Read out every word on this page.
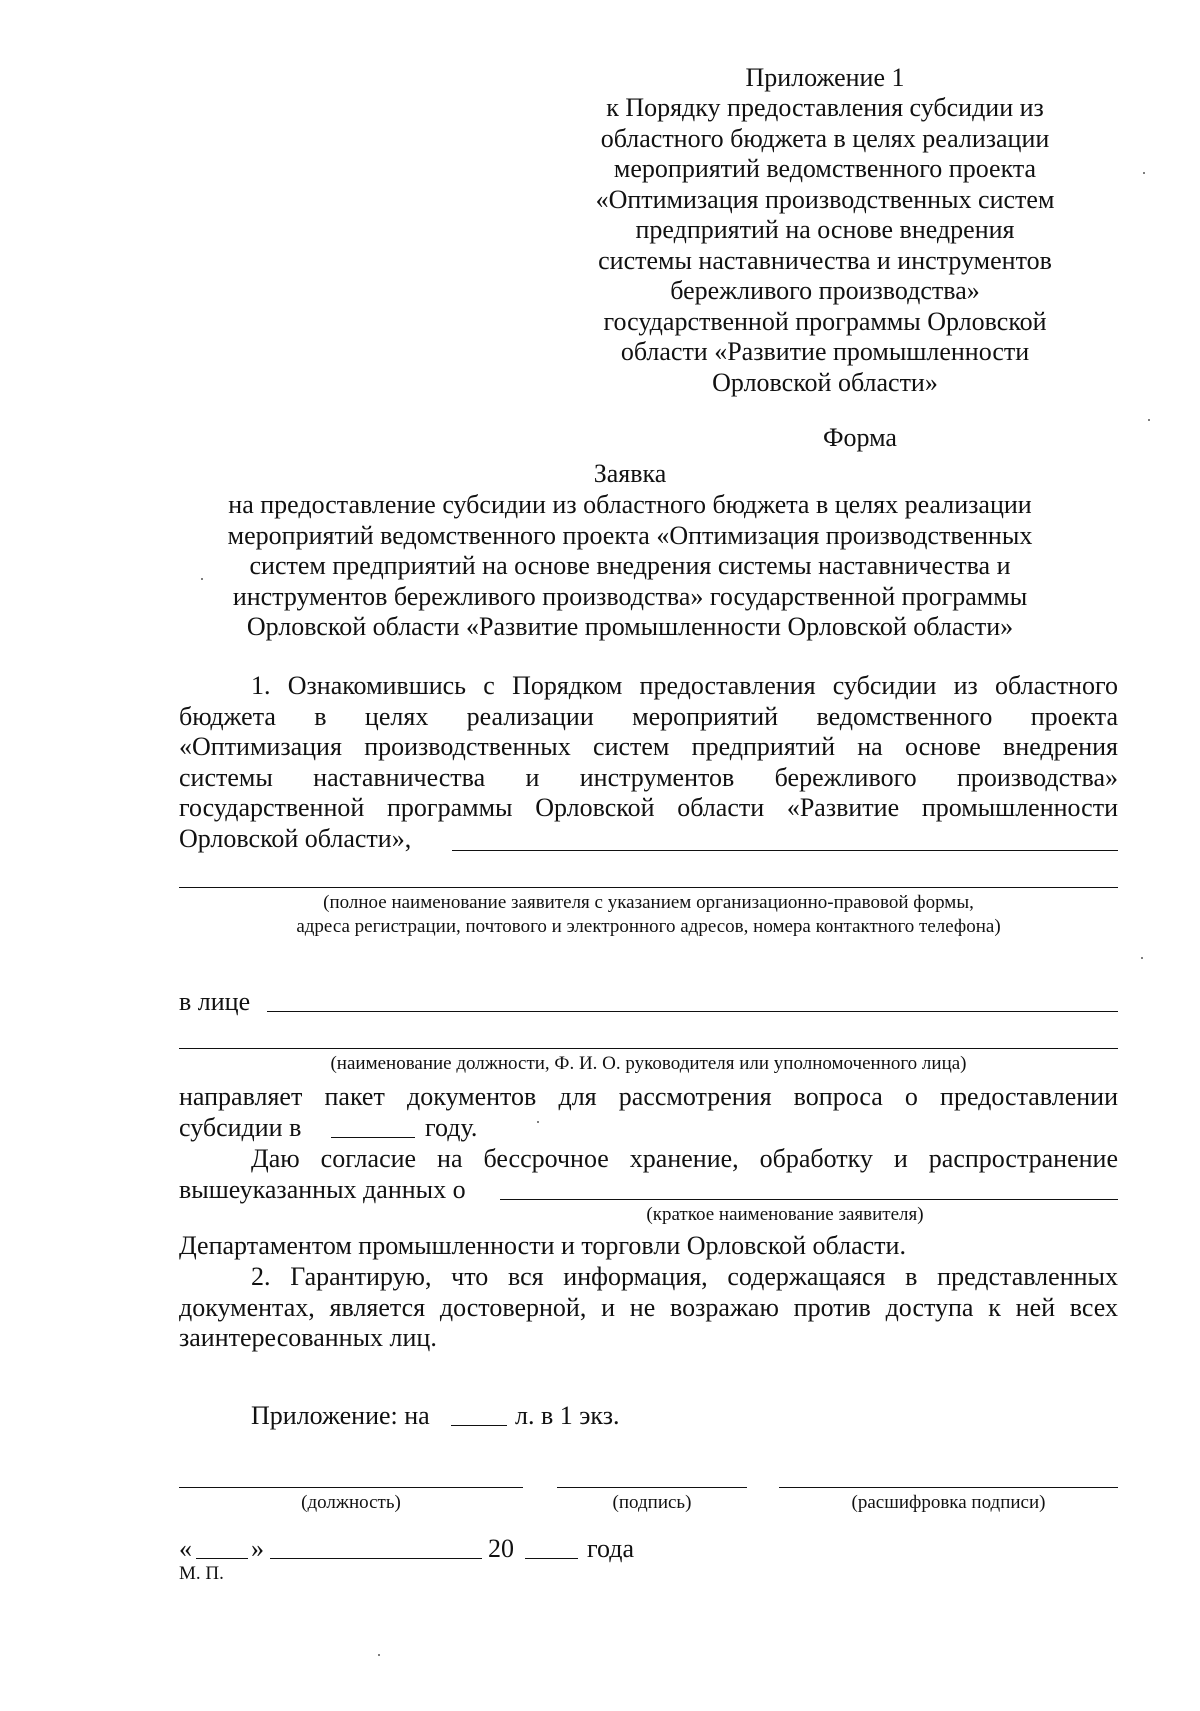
Приложение 1
к Порядку предоставления субсидии из
областного бюджета в целях реализации
мероприятий ведомственного проекта
«Оптимизация производственных систем
предприятий на основе внедрения
системы наставничества и инструментов
бережливого производства»
государственной программы Орловской
области «Развитие промышленности
Орловской области»
Форма
Заявка
на предоставление субсидии из областного бюджета в целях реализации
мероприятий ведомственного проекта «Оптимизация производственных
систем предприятий на основе внедрения системы наставничества и
инструментов бережливого производства» государственной программы
Орловской области «Развитие промышленности Орловской области»
1. Ознакомившись с Порядком предоставления субсидии из областного
бюджета в целях реализации мероприятий ведомственного проекта
«Оптимизация производственных систем предприятий на основе внедрения
системы наставничества и инструментов бережливого производства»
государственной программы Орловской области «Развитие промышленности
Орловской области»,
(полное наименование заявителя с указанием организационно-правовой формы,
адреса регистрации, почтового и электронного адресов, номера контактного телефона)
в лице
(наименование должности, Ф. И. О. руководителя или уполномоченного лица)
направляет пакет документов для рассмотрения вопроса о предоставлении
субсидии в	году.
Даю согласие на бессрочное хранение, обработку и распространение
вышеуказанных данных о
(краткое наименование заявителя)
Департаментом промышленности и торговли Орловской области.
2. Гарантирую, что вся информация, содержащаяся в представленных
документах, является достоверной, и не возражаю против доступа к ней всех
заинтересованных лиц.
Приложение: на	л. в 1 экз.
(должность)	(подпись)	(расшифровка подписи)
« »	20	года
М. П.
